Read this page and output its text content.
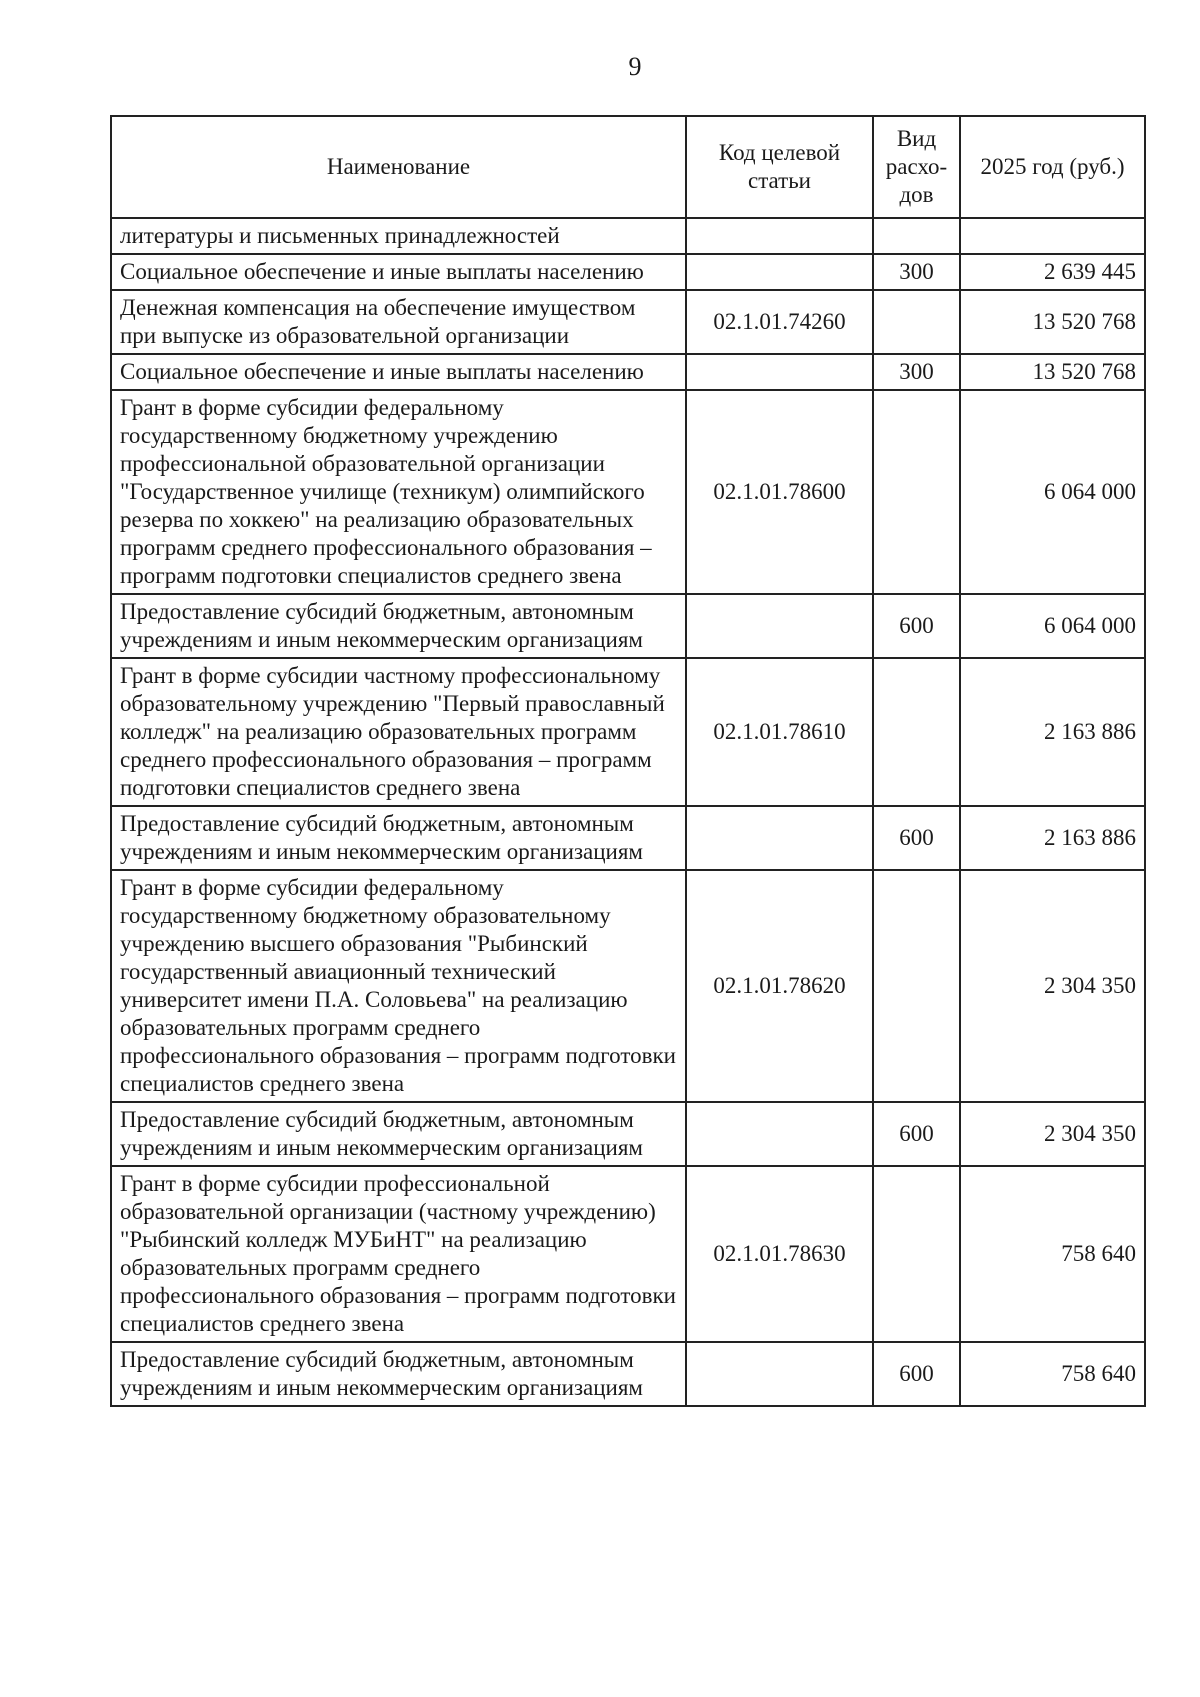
9
Наименование	Код целевой статьи	Вид расхо-дов	2025 год (руб.)
литературы и письменных принадлежностей			
Социальное обеспечение и иные выплаты населению		300	2 639 445
Денежная компенсация на обеспечение имуществом при выпуске из образовательной организации	02.1.01.74260		13 520 768
Социальное обеспечение и иные выплаты населению		300	13 520 768
Грант в форме субсидии федеральному государственному бюджетному учреждению профессиональной образовательной организации "Государственное училище (техникум) олимпийского резерва по хоккею" на реализацию образовательных программ среднего профессионального образования – программ подготовки специалистов среднего звена	02.1.01.78600		6 064 000
Предоставление субсидий бюджетным, автономным учреждениям и иным некоммерческим организациям		600	6 064 000
Грант в форме субсидии частному профессиональному образовательному учреждению "Первый православный колледж" на реализацию образовательных программ среднего профессионального образования – программ подготовки специалистов среднего звена	02.1.01.78610		2 163 886
Предоставление субсидий бюджетным, автономным учреждениям и иным некоммерческим организациям		600	2 163 886
Грант в форме субсидии федеральному государственному бюджетному образовательному учреждению высшего образования "Рыбинский государственный авиационный технический университет имени П.А. Соловьева" на реализацию образовательных программ среднего профессионального образования – программ подготовки специалистов среднего звена	02.1.01.78620		2 304 350
Предоставление субсидий бюджетным, автономным учреждениям и иным некоммерческим организациям		600	2 304 350
Грант в форме субсидии профессиональной образовательной организации (частному учреждению) "Рыбинский колледж МУБиНТ" на реализацию образовательных программ среднего профессионального образования – программ подготовки специалистов среднего звена	02.1.01.78630		758 640
Предоставление субсидий бюджетным, автономным учреждениям и иным некоммерческим организациям		600	758 640
